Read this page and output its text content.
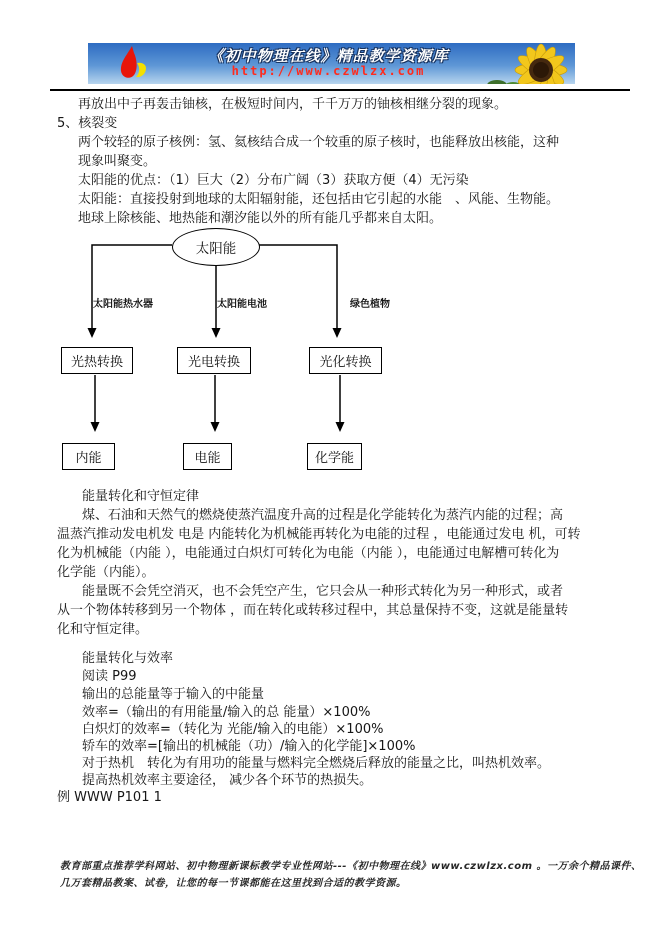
《初中物理在线》精品教学资源库
http://www.czwlzx.com
再放出中子再轰击铀核，在极短时间内，千千万万的铀核相继分裂的现象。
5、核裂变
两个较轻的原子核例：氢、氦核结合成一个较重的原子核时，也能释放出核能，这种
现象叫聚变。
太阳能的优点：（1）巨大（2）分布广阔（3）获取方便（4）无污染
太阳能：直接投射到地球的太阳辐射能，还包括由它引起的水能　、风能、生物能。
地球上除核能、地热能和潮汐能以外的所有能几乎都来自太阳。
太阳能
太阳能热水器	太阳能电池	绿色植物
光热转换	光电转换	光化转换
内能	电能	化学能
能量转化和守恒定律
煤、石油和天然气的燃烧使蒸汽温度升高的过程是化学能转化为蒸汽内能的过程；高
温蒸汽推动发电机发 电是 内能转化为机械能再转化为电能的过程 ，电能通过发电 机，可转
化为机械能（内能 ），电能通过白炽灯可转化为电能（内能 ），电能通过电解槽可转化为
化学能（内能）。
能量既不会凭空消灭，也不会凭空产生，它只会从一种形式转化为另一种形式，或者
从一个物体转移到另一个物体 ，而在转化或转移过程中，其总量保持不变，这就是能量转
化和守恒定律。
能量转化与效率
阅读 P99
输出的总能量等于输入的中能量
效率=（输出的有用能量/输入的总 能量）×100%
白炽灯的效率=（转化为 光能/输入的电能）×100%
轿车的效率=[输出的机械能（功）/输入的化学能]×100%
对于热机　转化为有用功的能量与燃料完全燃烧后释放的能量之比，叫热机效率。
提高热机效率主要途径， 减少各个环节的热损失。
例 WWW P101 1
教育部重点推荐学科网站、初中物理新课标教学专业性网站---《初中物理在线》www.czwlzx.com 。一万余个精品课件、
几万套精品教案、试卷，让您的每一节课都能在这里找到合适的教学资源。
